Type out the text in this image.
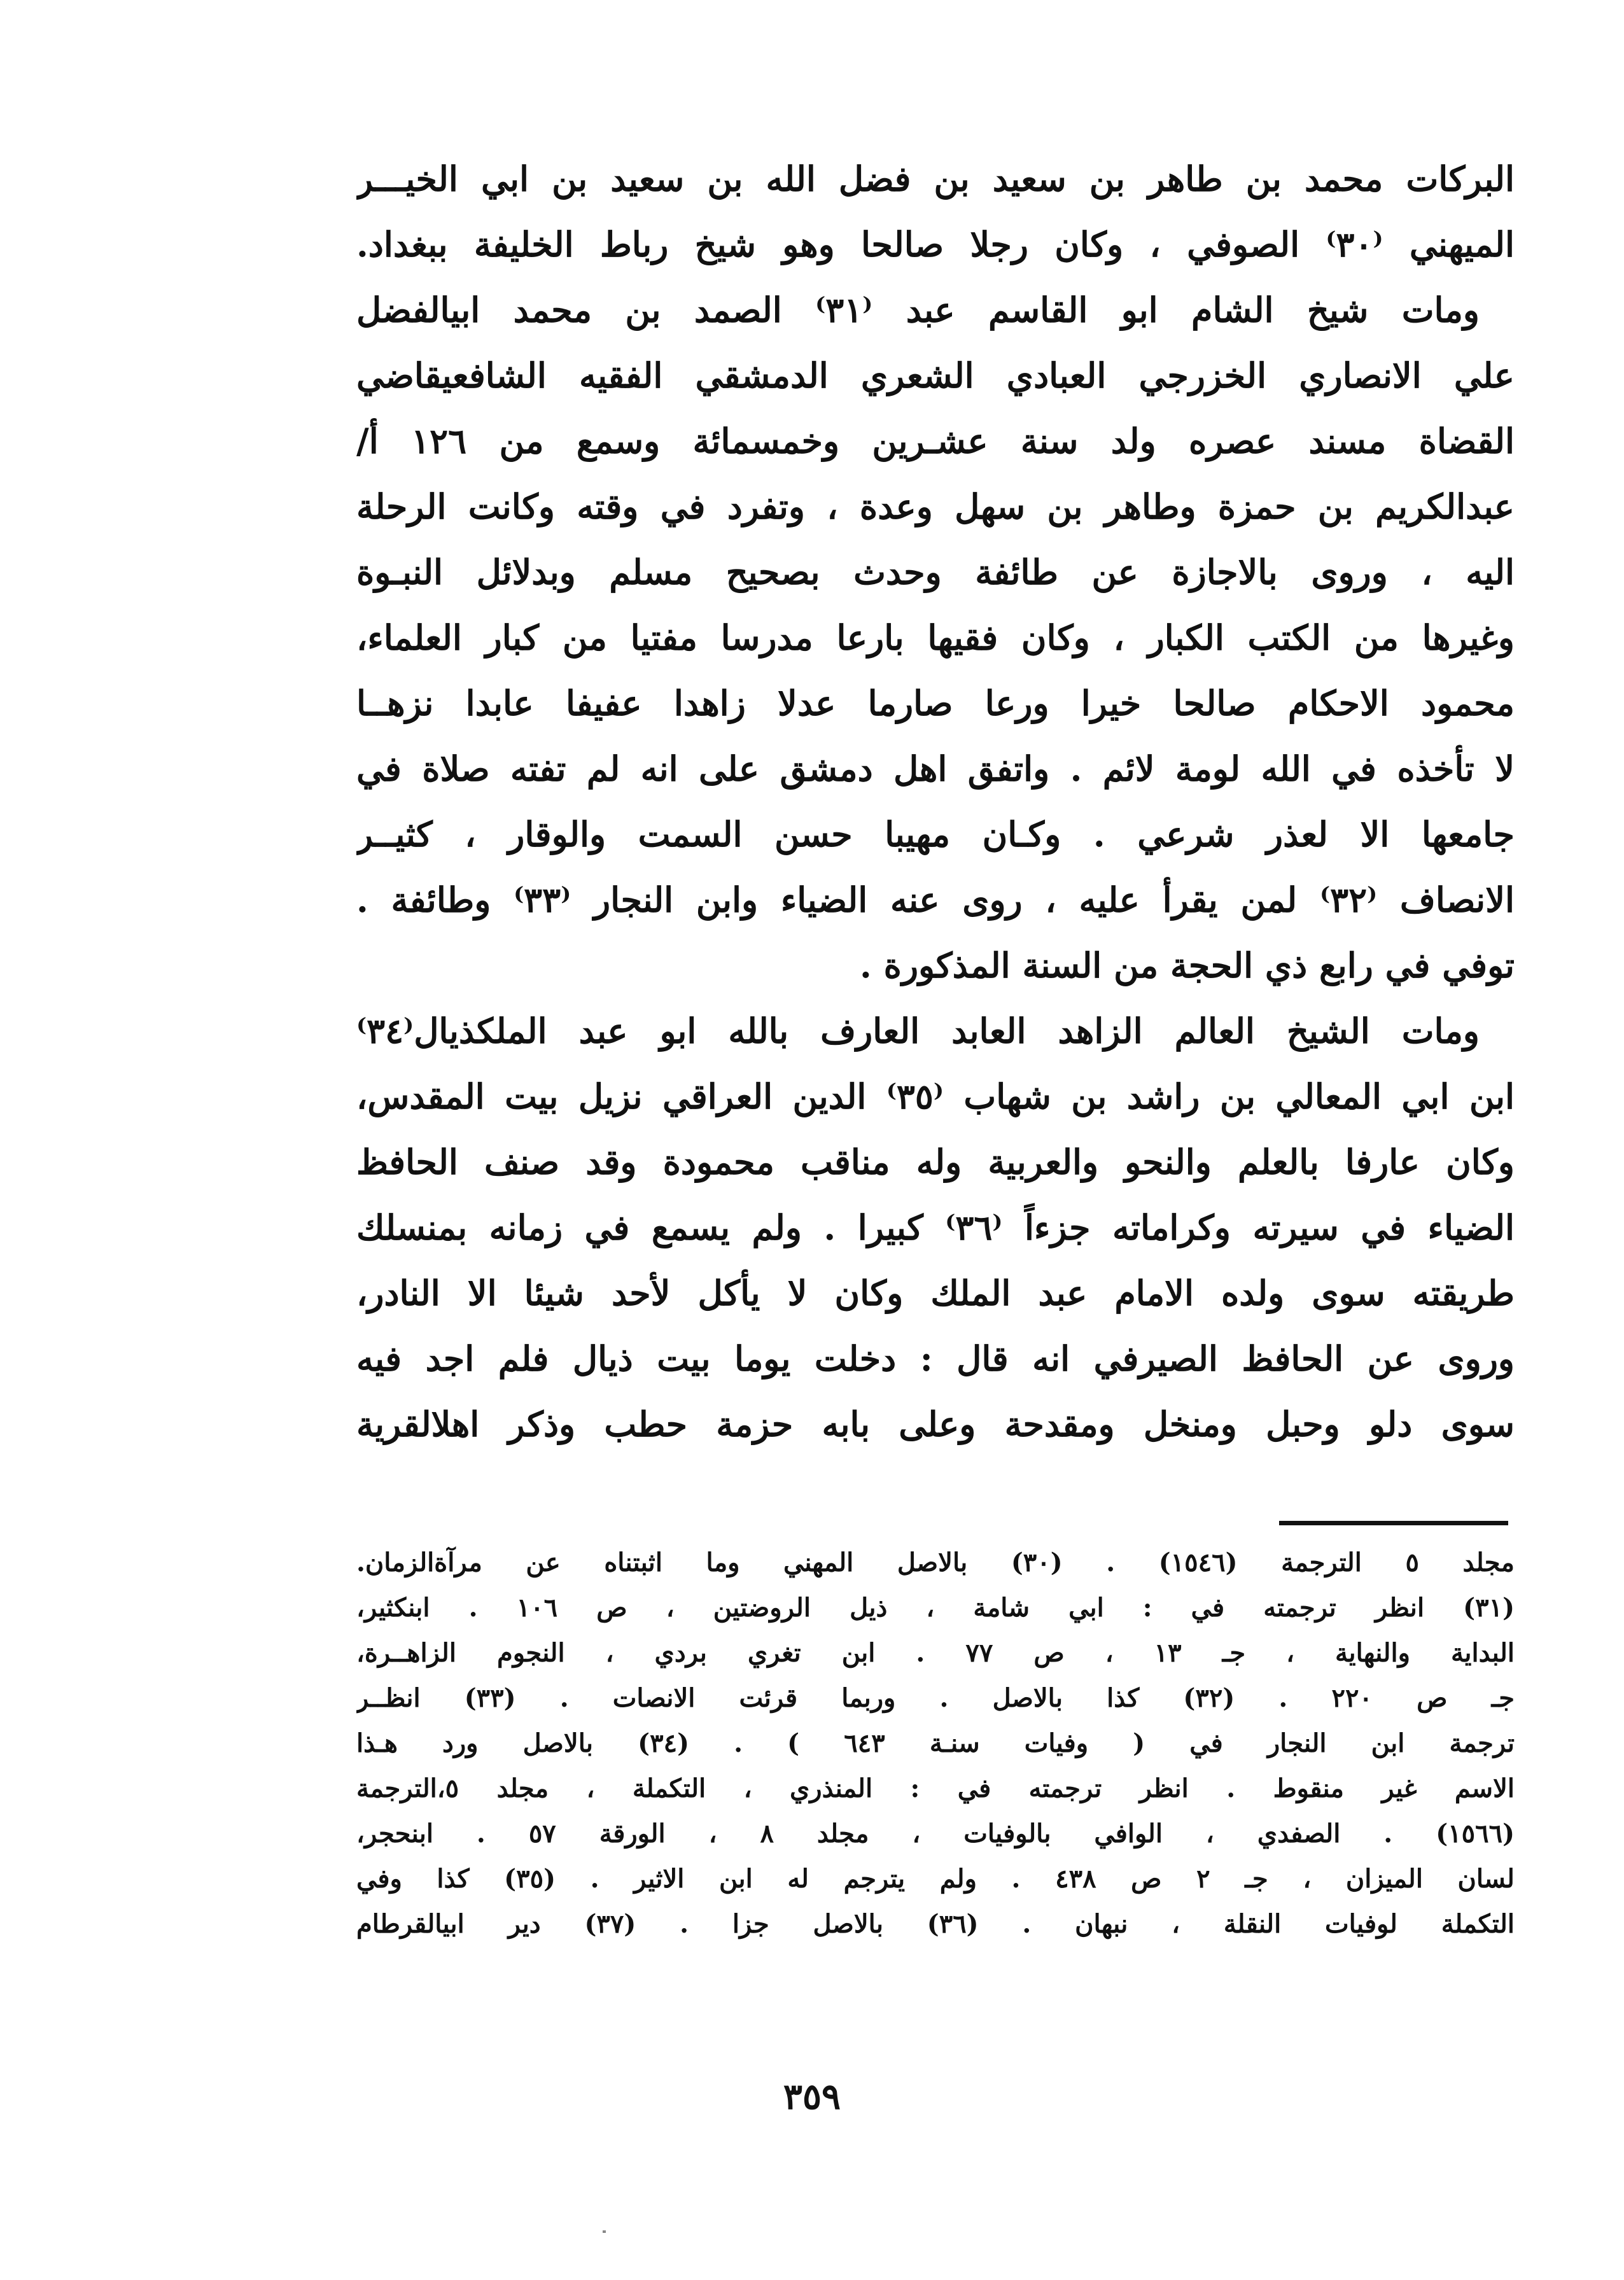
البركات محمد بن طاهر بن سعيد بن فضل الله بن سعيد بن ابي الخيـــر
الميهني ⁽٣٠⁾ الصوفي ، وكان رجلا صالحا وهو شيخ رباط الخليفة ببغداد.
ومات شيخ الشام ابو القاسم عبد ⁽٣١⁾ الصمد بن محمد ابيالفضل
علي الانصاري الخزرجي العبادي الشعري الدمشقي الفقيه الشافعيقاضي
القضاة مسند عصره ولد سنة عشـرين وخمسمائة وسمع من ١٢٦ أ/
عبدالكريم بن حمزة وطاهر بن سهل وعدة ، وتفرد في وقته وكانت الرحلة
اليه ، وروى بالاجازة عن طائفة وحدث بصحيح مسلم وبدلائل النبـوة
وغيرها من الكتب الكبار ، وكان فقيها بارعا مدرسا مفتيا من كبار العلماء،
محمود الاحكام صالحا خيرا ورعا صارما عدلا زاهدا عفيفا عابدا نزهــا
لا تأخذه في الله لومة لائم . واتفق اهل دمشق على انه لم تفته صلاة في
جامعها الا لعذر شرعي . وكـان مهيبا حسن السمت والوقار ، كثيــر
الانصاف ⁽٣٢⁾ لمن يقرأ عليه ، روى عنه الضياء وابن النجار ⁽٣٣⁾ وطائفة .
توفي في رابع ذي الحجة من السنة المذكورة .
ومات الشيخ العالم الزاهد العابد العارف بالله ابو عبد الملكذيال⁽٣٤⁾
ابن ابي المعالي بن راشد بن شهاب ⁽٣٥⁾ الدين العراقي نزيل بيت المقدس،
وكان عارفا بالعلم والنحو والعربية وله مناقب محمودة وقد صنف الحافظ
الضياء في سيرته وكراماته جزءاً ⁽٣٦⁾ كبيرا . ولم يسمع في زمانه بمنسلك
طريقته سوى ولده الامام عبد الملك وكان لا يأكل لأحد شيئا الا النادر،
وروى عن الحافظ الصيرفي انه قال : دخلت يوما بيت ذيال فلم اجد فيه
سوى دلو وحبل ومنخل ومقدحة وعلى بابه حزمة حطب وذكر اهلالقرية
مجلد ٥ الترجمة (١٥٤٦) . (٣٠) بالاصل المهني وما اثبتناه عن مرآةالزمان.
(٣١) انظر ترجمته في : ابي شامة ، ذيل الروضتين ، ص ١٠٦ . ابنكثير،
البداية والنهاية ، جـ ١٣ ، ص ٧٧ . ابن تغري بردي ، النجوم الزاهــرة،
جـ ص ٢٢٠ . (٣٢) كذا بالاصل . وربما قرئت الانصات . (٣٣) انظــر
ترجمة ابن النجار في ( وفيات سنـة ٦٤٣ ) . (٣٤) بالاصل ورد هـذا
الاسم غير منقوط . انظر ترجمته في : المنذري ، التكملة ، مجلد ٥،الترجمة
(١٥٦٦) . الصفدي ، الوافي بالوفيات ، مجلد ٨ ، الورقة ٥٧ . ابنحجر،
لسان الميزان ، جـ ٢ ص ٤٣٨ . ولم يترجم له ابن الاثير . (٣٥) كذا وفي
التكملة لوفيات النقلة ، نبهان . (٣٦) بالاصل جزا . (٣٧) دير ابيالقرطام
٣٥٩
